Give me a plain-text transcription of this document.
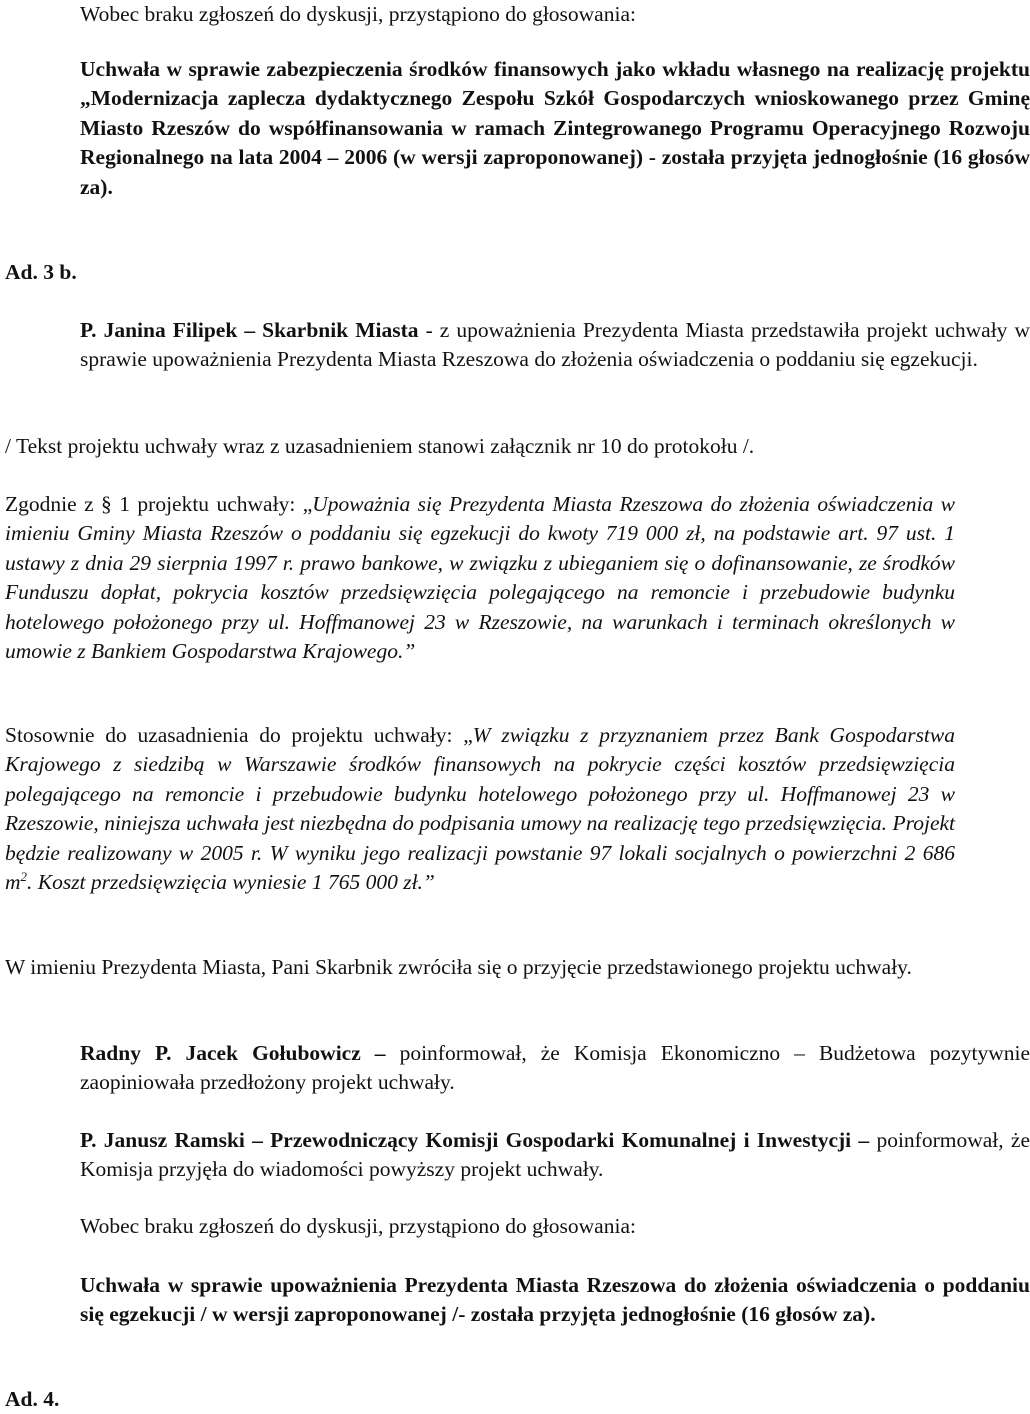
Wobec braku zgłoszeń do dyskusji, przystąpiono do głosowania:

Uchwała w sprawie zabezpieczenia środków finansowych jako wkładu własnego na realizację projektu „Modernizacja zaplecza dydaktycznego Zespołu Szkół Gospodarczych wnioskowanego przez Gminę Miasto Rzeszów do współfinansowania w ramach Zintegrowanego Programu Operacyjnego Rozwoju Regionalnego na lata 2004 – 2006 (w wersji zaproponowanej) - została przyjęta jednogłośnie (16 głosów za).

Ad. 3 b.

P. Janina Filipek – Skarbnik Miasta - z upoważnienia Prezydenta Miasta przedstawiła projekt uchwały w sprawie upoważnienia Prezydenta Miasta Rzeszowa do złożenia oświadczenia o poddaniu się egzekucji.

/ Tekst projektu uchwały wraz z uzasadnieniem stanowi załącznik nr 10 do protokołu /.

Zgodnie z § 1 projektu uchwały: „Upoważnia się Prezydenta Miasta Rzeszowa do złożenia oświadczenia w imieniu Gminy Miasta Rzeszów o poddaniu się egzekucji do kwoty 719 000 zł, na podstawie art. 97 ust. 1 ustawy z dnia 29 sierpnia 1997 r. prawo bankowe, w związku z ubieganiem się o dofinansowanie, ze środków Funduszu dopłat, pokrycia kosztów przedsięwzięcia polegającego na remoncie i przebudowie budynku hotelowego położonego przy ul. Hoffmanowej 23 w Rzeszowie, na warunkach i terminach określonych w umowie z Bankiem Gospodarstwa Krajowego.”

Stosownie do uzasadnienia do projektu uchwały: „W związku z przyznaniem przez Bank Gospodarstwa Krajowego z siedzibą w Warszawie środków finansowych na pokrycie części kosztów przedsięwzięcia polegającego na remoncie i przebudowie budynku hotelowego położonego przy ul. Hoffmanowej 23 w Rzeszowie, niniejsza uchwała jest niezbędna do podpisania umowy na realizację tego przedsięwzięcia. Projekt będzie realizowany w 2005 r. W wyniku jego realizacji powstanie 97 lokali socjalnych o powierzchni 2 686 $m^2$. Koszt przedsięwzięcia wyniesie 1 765 000 zł.”

W imieniu Prezydenta Miasta, Pani Skarbnik zwróciła się o przyjęcie przedstawionego projektu uchwały.

Radny P. Jacek Gołubowicz – poinformował, że Komisja Ekonomiczno – Budżetowa pozytywnie zaopiniowała przedłożony projekt uchwały.

P. Janusz Ramski – Przewodniczący Komisji Gospodarki Komunalnej i Inwestycji – poinformował, że Komisja przyjęła do wiadomości powyższy projekt uchwały.

Wobec braku zgłoszeń do dyskusji, przystąpiono do głosowania:

Uchwała w sprawie upoważnienia Prezydenta Miasta Rzeszowa do złożenia oświadczenia o poddaniu się egzekucji / w wersji zaproponowanej /- została przyjęta jednogłośnie (16 głosów za).

Ad. 4.
